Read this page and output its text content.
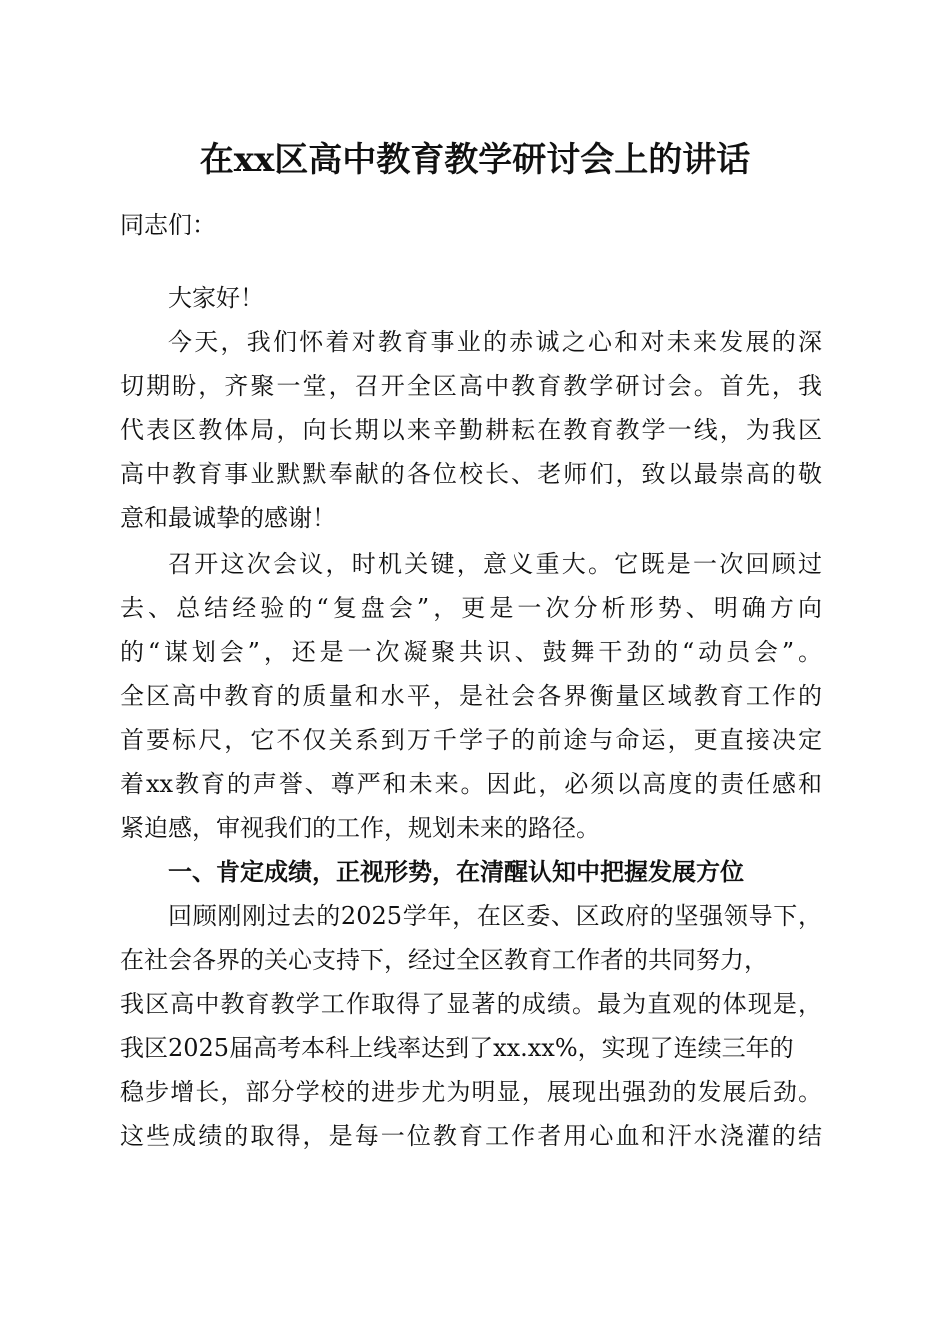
在xx区高中教育教学研讨会上的讲话
同志们：
大家好！
今天，我们怀着对教育事业的赤诚之心和对未来发展的深
切期盼，齐聚一堂，召开全区高中教育教学研讨会。首先，我
代表区教体局，向长期以来辛勤耕耘在教育教学一线，为我区
高中教育事业默默奉献的各位校长、老师们，致以最崇高的敬
意和最诚挚的感谢！
召开这次会议，时机关键，意义重大。它既是一次回顾过
去、总结经验的“复盘会”，更是一次分析形势、明确方向
的“谋划会”，还是一次凝聚共识、鼓舞干劲的“动员会”。
全区高中教育的质量和水平，是社会各界衡量区域教育工作的
首要标尺，它不仅关系到万千学子的前途与命运，更直接决定
着xx教育的声誉、尊严和未来。因此，必须以高度的责任感和
紧迫感，审视我们的工作，规划未来的路径。
一、肯定成绩，正视形势，在清醒认知中把握发展方位
回顾刚刚过去的2025学年，在区委、区政府的坚强领导下，
在社会各界的关心支持下，经过全区教育工作者的共同努力，
我区高中教育教学工作取得了显著的成绩。最为直观的体现是，
我区2025届高考本科上线率达到了xx.xx%，实现了连续三年的
稳步增长，部分学校的进步尤为明显，展现出强劲的发展后劲。
这些成绩的取得，是每一位教育工作者用心血和汗水浇灌的结
